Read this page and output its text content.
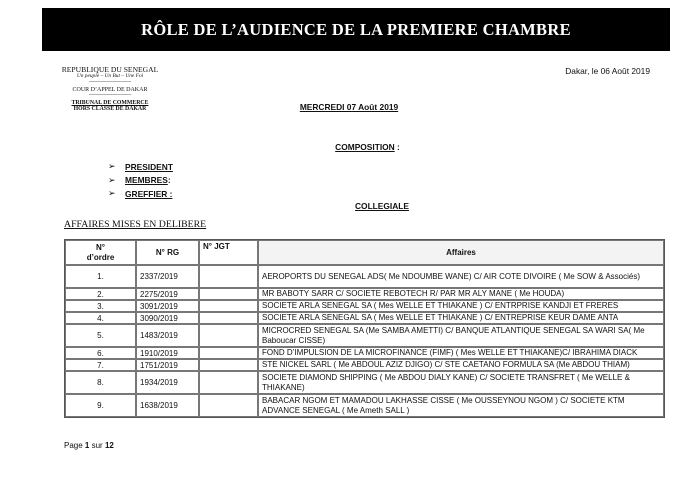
RÔLE DE L’AUDIENCE DE LA PREMIERE CHAMBRE
REPUBLIQUE DU SENEGAL
Un peuple – Un But – Une Foi
-------------------------------
COUR D’APPEL DE DAKAR
-------------------------------
TRIBUNAL DE COMMERCE
HORS CLASSE DE DAKAR
Dakar, le 06 Août 2019
MERCREDI 07 Août 2019
COMPOSITION :
➢	PRESIDENT
➢	MEMBRES :
➢	GREFFIER :
COLLEGIALE
AFFAIRES MISES EN DELIBERE
N°
d’ordre	N° RG	N° JGT	Affaires
1.	2337/2019		AEROPORTS DU SENEGAL ADS( Me NDOUMBE WANE) C/ AIR COTE DIVOIRE ( Me SOW & Associés)
2.	2275/2019		MR BABOTY SARR C/ SOCIETE REBOTECH R/ PAR MR ALY MANE ( Me HOUDA)
3.	3091/2019		SOCIETE ARLA SENEGAL SA ( Mes WELLE ET THIAKANE ) C/ ENTRPRISE KANDJI ET FRERES
4.	3090/2019		SOCIETE ARLA SENEGAL SA ( Mes WELLE ET THIAKANE ) C/ ENTREPRISE KEUR DAME ANTA
5.	1483/2019		MICROCRED SENEGAL SA (Me SAMBA AMETTI) C/ BANQUE ATLANTIQUE SENEGAL SA WARI SA( Me Baboucar CISSE)
6.	1910/2019		FOND D’IMPULSION DE LA MICROFINANCE (FIMF) ( Mes WELLE ET THIAKANE)C/ IBRAHIMA DIACK
7.	1751/2019		STE NICKEL SARL ( Me ABDOUL AZIZ DJIGO) C/ STE CAETANO FORMULA SA (Me ABDOU THIAM)
8.	1934/2019		SOCIETE DIAMOND SHIPPING ( Me ABDOU DIALY KANE) C/ SOCIETE TRANSFRET ( Me WELLE & THIAKANE)
9.	1638/2019		BABACAR NGOM ET MAMADOU LAKHASSE CISSE ( Me OUSSEYNOU NGOM ) C/ SOCIETE KTM ADVANCE SENEGAL ( Me Ameth SALL )
Page 1 sur 12
